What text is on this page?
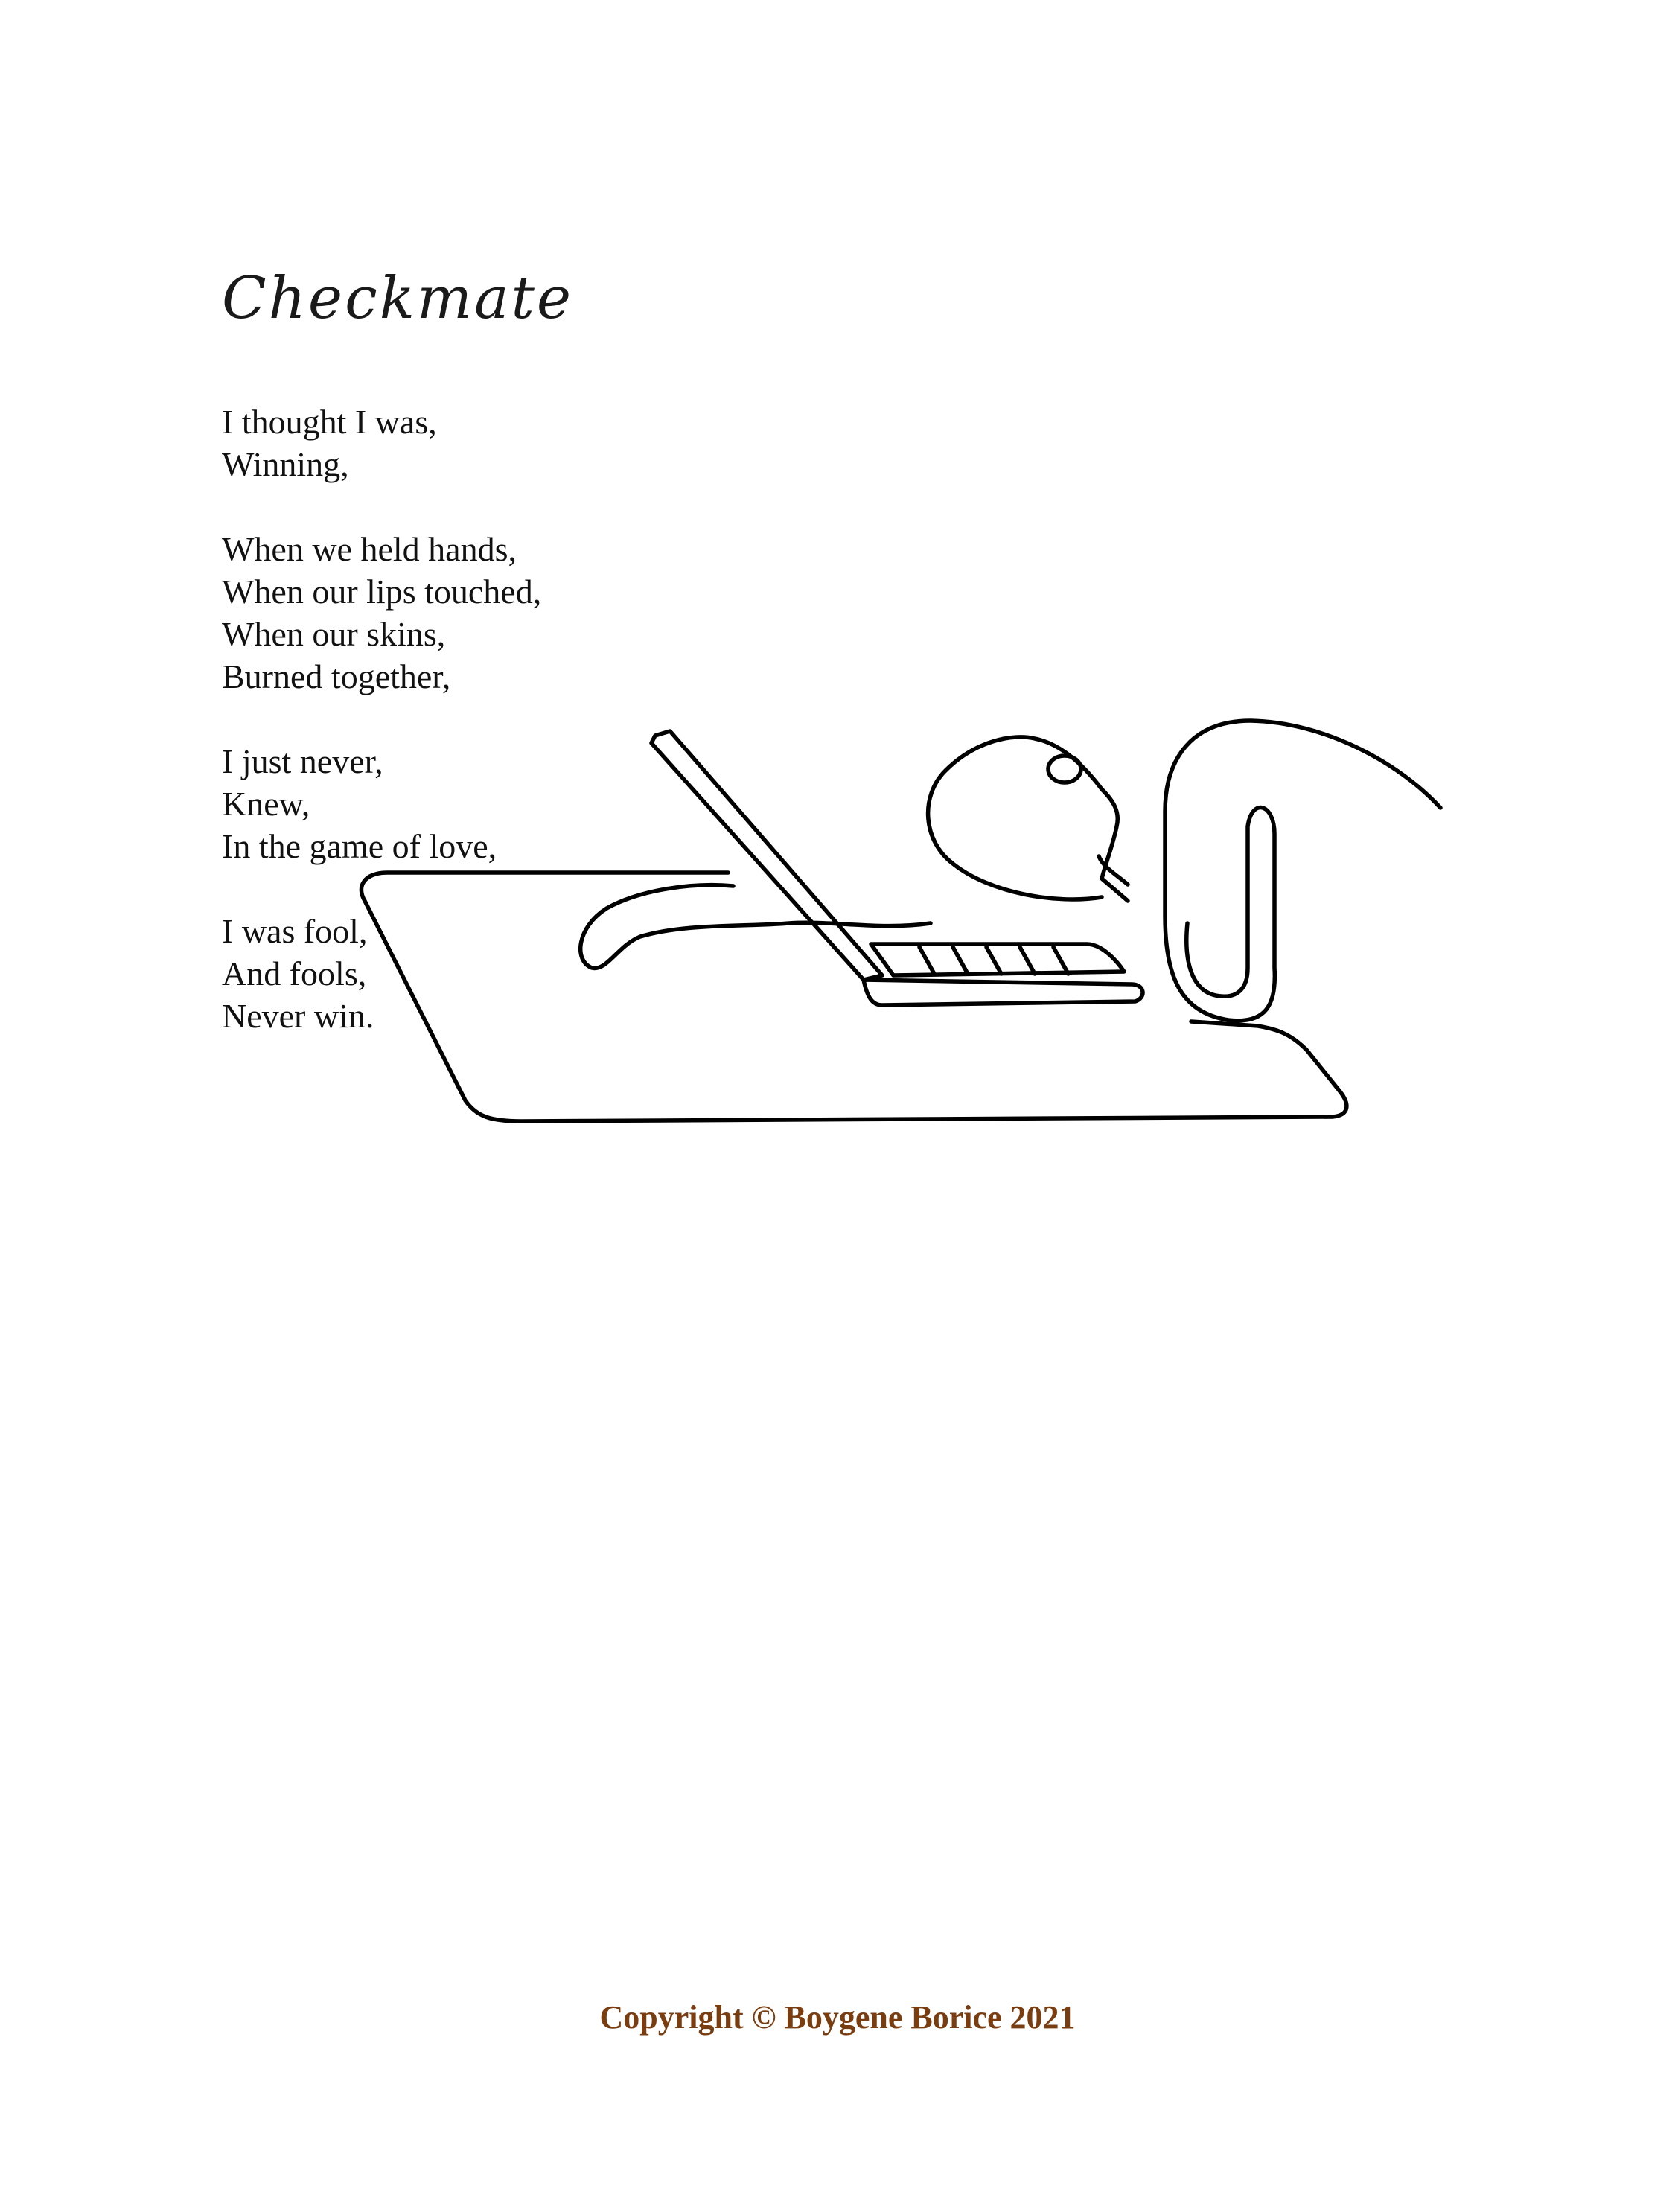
Checkmate

I thought I was,
Winning,

When we held hands,
When our lips touched,
When our skins,
Burned together,

I just never,
Knew,
In the game of love,

I was fool,
And fools,
Never win.

Copyright © Boygene Borice 2021
